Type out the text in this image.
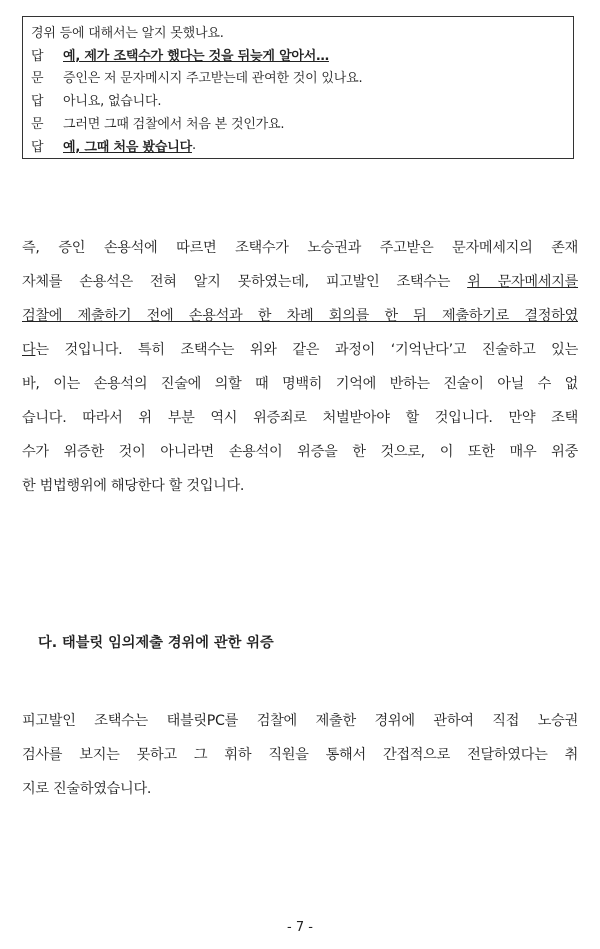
경위 등에 대해서는 알지 못했나요.
답	예, 제가 조택수가 했다는 것을 뒤늦게 알아서…
문	증인은 저 문자메시지 주고받는데 관여한 것이 있나요.
답	아니요, 없습니다.
문	그러면 그때 검찰에서 처음 본 것인가요.
답	예, 그때 처음 봤습니다 .
즉, 증인 손용석에 따르면 조택수가 노승권과 주고받은 문자메세지의 존재
자체를 손용석은 전혀 알지 못하였는데, 피고발인 조택수는 위 문자메세지를
검찰에 제출하기 전에 손용석과 한 차례 회의를 한 뒤 제출하기로 결정하였
다는 것입니다. 특히 조택수는 위와 같은 과정이 ‘기억난다’고 진술하고 있는
바, 이는 손용석의 진술에 의할 때 명백히 기억에 반하는 진술이 아닐 수 없
습니다. 따라서 위 부분 역시 위증죄로 처벌받아야 할 것입니다. 만약 조택
수가 위증한 것이 아니라면 손용석이 위증을 한 것으로, 이 또한 매우 위중
한 범법행위에 해당한다 할 것입니다.
다. 태블릿 임의제출 경위에 관한 위증
피고발인 조택수는 태블릿PC를 검찰에 제출한 경위에 관하여 직접 노승권
검사를 보지는 못하고 그 휘하 직원을 통해서 간접적으로 전달하였다는 취
지로 진술하였습니다.
- 7 -
